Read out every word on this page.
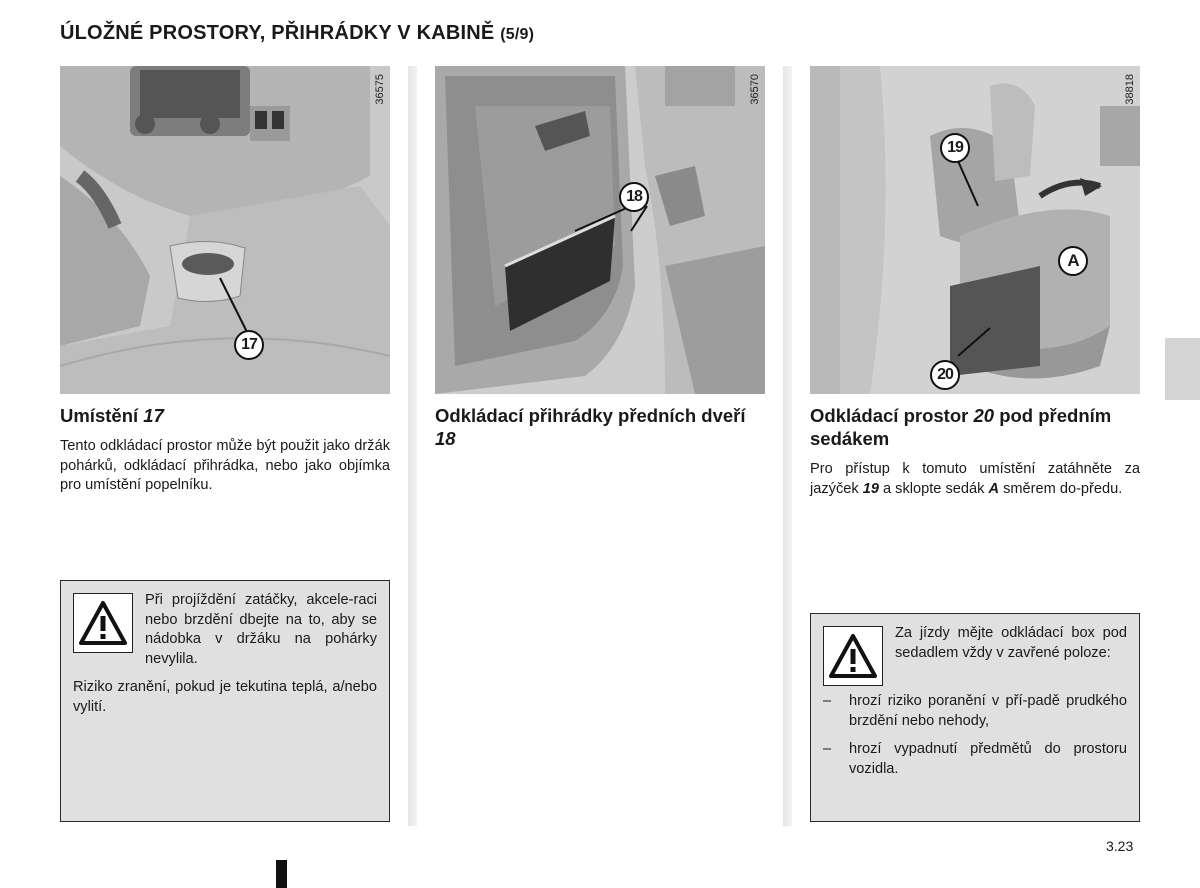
ÚLOŽNÉ PROSTORY, PŘIHRÁDKY V KABINĚ (5/9)
36575
17
Umístění 17
Tento odkládací prostor může být použit jako držák pohárků, odkládací přihrádka, nebo jako objímka pro umístění popelníku.
36570
18
Odkládací přihrádky předních dveří 18
38818
19
A
20
Odkládací prostor 20 pod předním sedákem
Pro přístup k tomuto umístění zatáhněte za jazýček 19 a sklopte sedák A směrem do-předu.
Při projíždění zatáčky, akcele-raci nebo brzdění dbejte na to, aby se nádobka v držáku na pohárky nevylila.
Riziko zranění, pokud je tekutina teplá, a/nebo vylití.
Za jízdy mějte odkládací box pod sedadlem vždy v zavřené poloze:
–	hrozí riziko poranění v pří-padě prudkého brzdění nebo nehody,
–	hrozí vypadnutí předmětů do prostoru vozidla.
3.23
